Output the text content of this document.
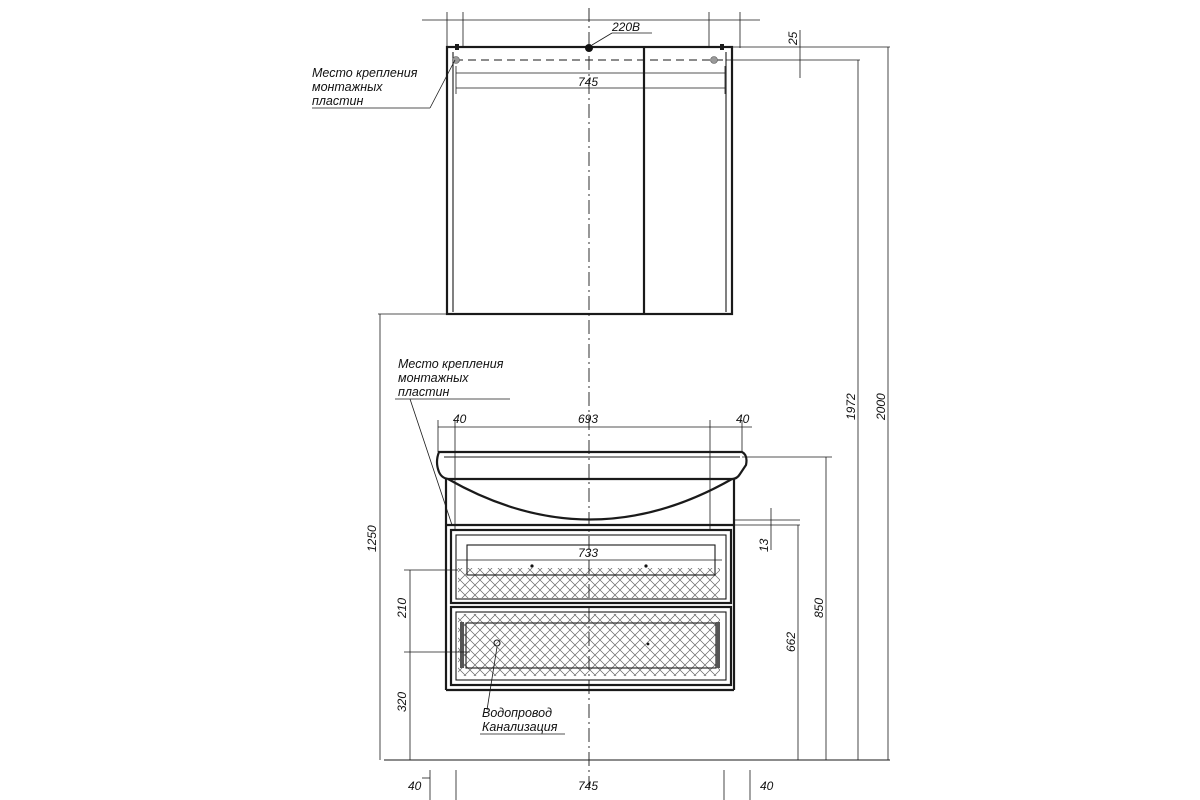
220В
745
25
Место крепления
монтажных
пластин
40	693	40
Место крепления
монтажных
пластин
733
13
1250
210
320
Водопровод
Канализация
662
850
1972 2000
40	745	40
